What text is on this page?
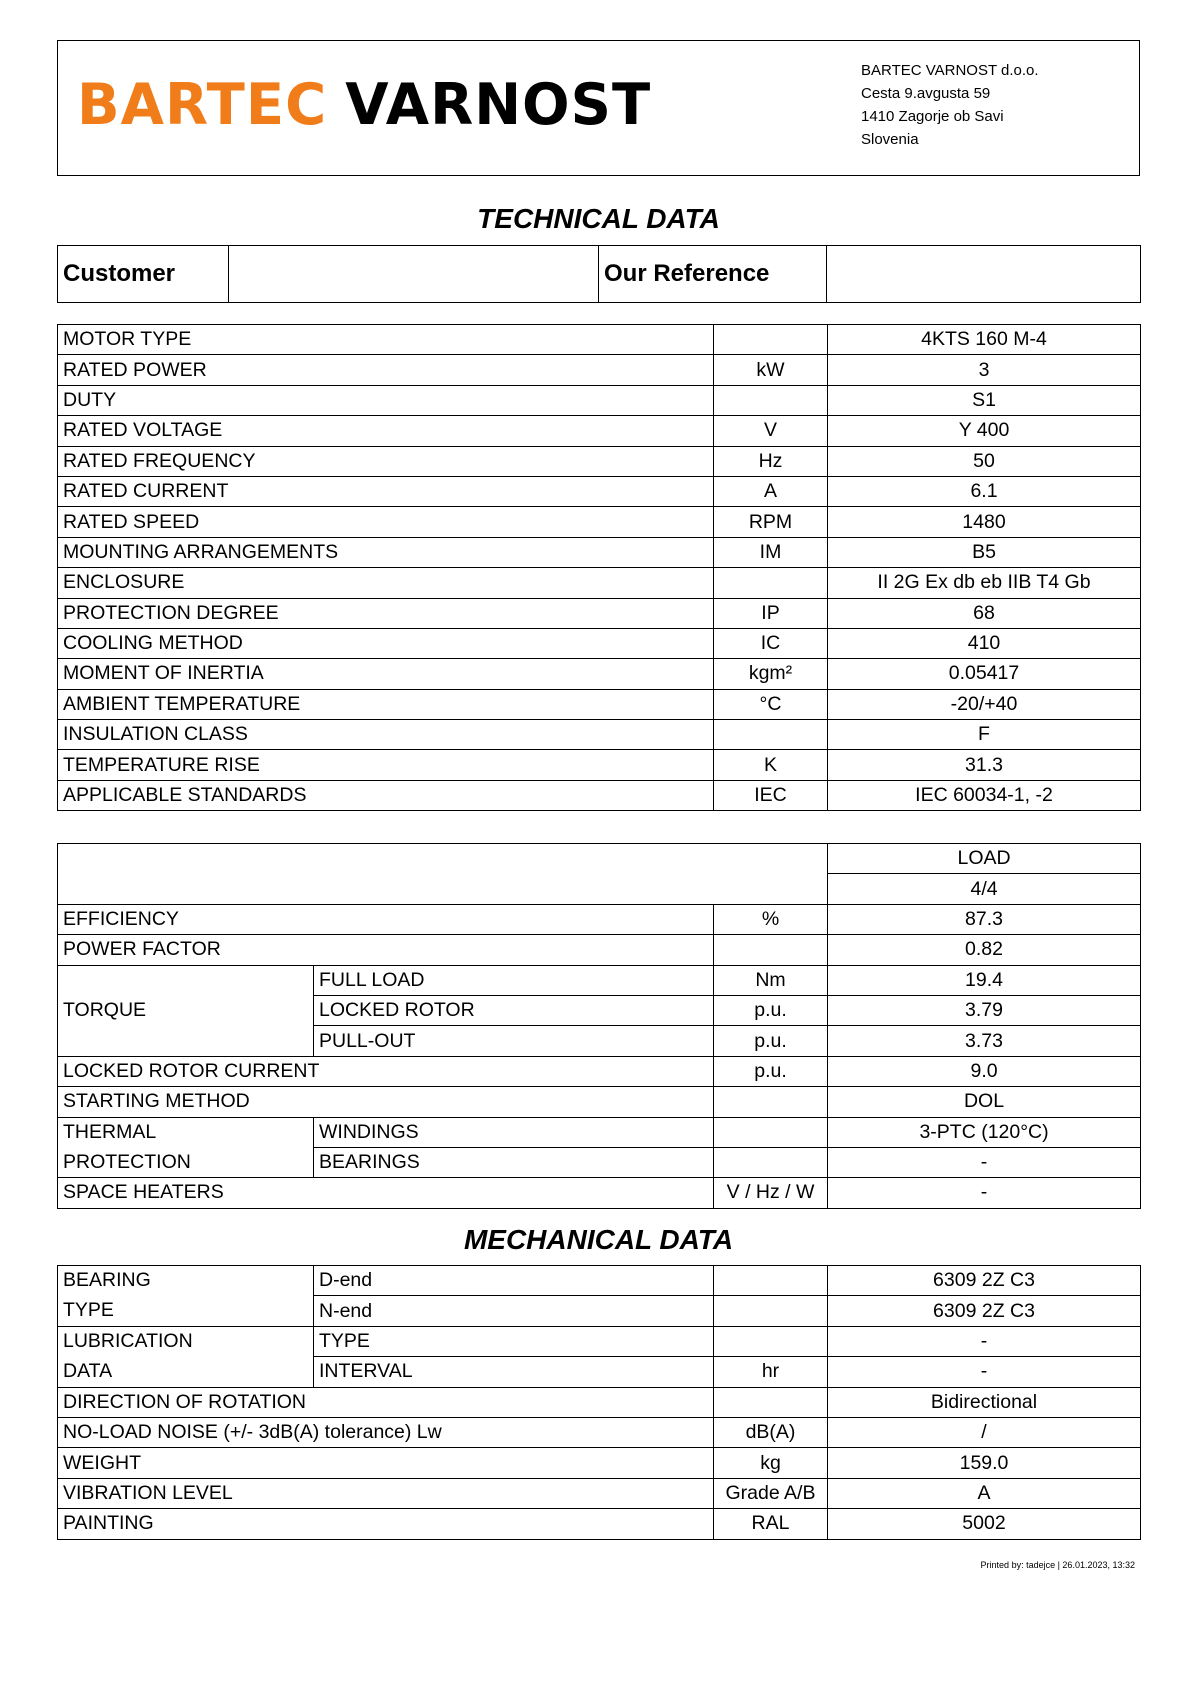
BARTEC VARNOST
BARTEC VARNOST d.o.o.
Cesta 9.avgusta 59
1410 Zagorje ob Savi
Slovenia
TECHNICAL DATA
Customer		Our Reference	
MOTOR TYPE		4KTS 160 M-4
RATED POWER	kW	3
DUTY		S1
RATED VOLTAGE	V	Y 400
RATED FREQUENCY	Hz	50
RATED CURRENT	A	6.1
RATED SPEED	RPM	1480
MOUNTING ARRANGEMENTS	IM	B5
ENCLOSURE		II 2G Ex db eb IIB T4 Gb
PROTECTION DEGREE	IP	68
COOLING METHOD	IC	410
MOMENT OF INERTIA	kgm²	0.05417
AMBIENT TEMPERATURE	°C	-20/+40
INSULATION CLASS		F
TEMPERATURE RISE	K	31.3
APPLICABLE STANDARDS	IEC	IEC 60034-1, -2
			LOAD
			4/4
EFFICIENCY		%	87.3
POWER FACTOR			0.82
TORQUE	FULL LOAD	Nm	19.4
	LOCKED ROTOR	p.u.	3.79
	PULL-OUT	p.u.	3.73
LOCKED ROTOR CURRENT		p.u.	9.0
STARTING METHOD			DOL
THERMAL	WINDINGS		3-PTC (120°C)
PROTECTION	BEARINGS		-
SPACE HEATERS		V / Hz / W	-
MECHANICAL DATA
BEARING	D-end		6309 2Z C3
TYPE	N-end		6309 2Z C3
LUBRICATION	TYPE		-
DATA	INTERVAL	hr	-
DIRECTION OF ROTATION			Bidirectional
NO-LOAD NOISE (+/- 3dB(A) tolerance) Lw		dB(A)	/
WEIGHT		kg	159.0
VIBRATION LEVEL		Grade A/B	A
PAINTING		RAL	5002
Printed by: tadejce | 26.01.2023, 13:32
